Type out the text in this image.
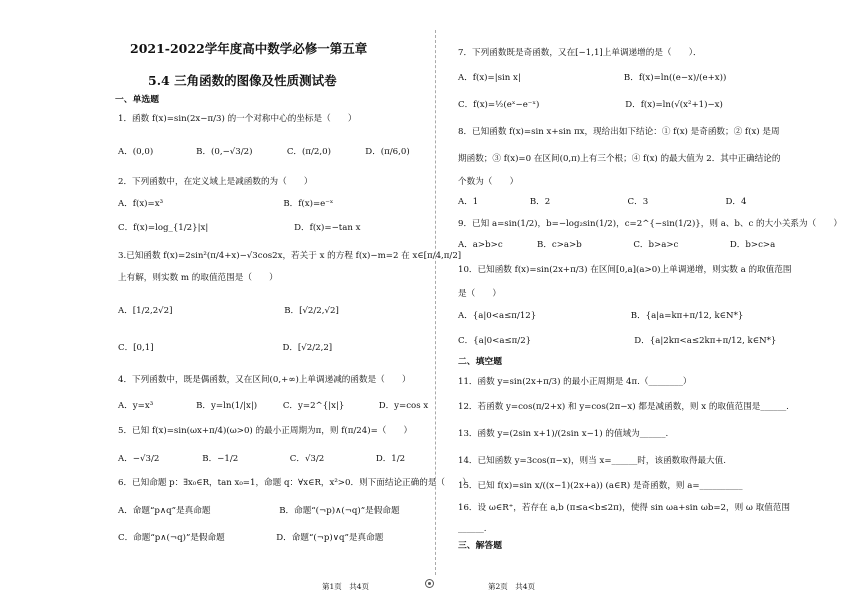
2021-2022学年度高中数学必修一第五章
5.4 三角函数的图像及性质测试卷
一、单选题
1．函数 f(x)=sin(2x−π/3) 的一个对称中心的坐标是（　　）
A．(0,0)　　　　　B．(0,−√3/2)　　　　C．(π/2,0)　　　　D．(π/6,0)
2．下列函数中，在定义域上是减函数的为（　　）
A．f(x)=x³　　　　　　　　　　　　　　B．f(x)=e⁻ˣ
C．f(x)=log_{1/2}|x|　　　　　　　　　　D．f(x)=−tan x
3.已知函数 f(x)=2sin²(π/4+x)−√3cos2x，若关于 x 的方程 f(x)−m=2 在 x∈[π/4,π/2]
上有解，则实数 m 的取值范围是（　　）
A．[1/2,2√2]　　　　　　　　　　　　　B．[√2/2,√2]
C．[0,1]　　　　　　　　　　　　　　　D．[√2/2,2]
4．下列函数中，既是偶函数，又在区间(0,+∞)上单调递减的函数是（　　）
A．y=x³　　　　　B．y=ln(1/|x|)　　　C．y=2^{|x|}　　　　D．y=cos x
5．已知 f(x)=sin(ωx+π/4)(ω>0) 的最小正周期为π，则 f(π/24)=（　　）
A．−√3/2　　　　　B．−1/2　　　　　　C．√3/2　　　　　　D．1/2
6．已知命题 p：∃x₀∈R，tan x₀=1，命题 q：∀x∈R，x²>0．则下面结论正确的是（　　）
A．命题“p∧q”是真命题　　　　　　　　B．命题“(¬p)∧(¬q)”是假命题
C．命题“p∧(¬q)”是假命题　　　　　　D．命题“(¬p)∨q”是真命题
7．下列函数既是奇函数，又在[−1,1]上单调递增的是（　　）．
A．f(x)=|sin x|　　　　　　　　　　　　B．f(x)=ln((e−x)/(e+x))
C．f(x)=½(eˣ−e⁻ˣ)　　　　　　　　　　D．f(x)=ln(√(x²+1)−x)
8．已知函数 f(x)=sin x+sin πx，现给出如下结论：① f(x) 是奇函数；② f(x) 是周
期函数；③ f(x)=0 在区间(0,π)上有三个根；④ f(x) 的最大值为 2．其中正确结论的
个数为（　　）
A．1　　　　　　B．2　　　　　　　　　C．3　　　　　　　　　D．4
9．已知 a=sin(1/2)，b=−log₂sin(1/2)，c=2^{−sin(1/2)}，则 a、b、c 的大小关系为（　　）
A．a>b>c　　　　B．c>a>b　　　　　　C．b>a>c　　　　　　D．b>c>a
10．已知函数 f(x)=sin(2x+π/3) 在区间[0,a](a>0)上单调递增，则实数 a 的取值范围
是（　　）
A．{a|0<a≤π/12}　　　　　　　　　　　B．{a|a=kπ+π/12, k∈N*}
C．{a|0<a≤π/2}　　　　　　　　　　　　D．{a|2kπ<a≤2kπ+π/12, k∈N*}
二、填空题
11．函数 y=sin(2x+π/3) 的最小正周期是 4π.（________）
12．若函数 y=cos(π/2+x) 和 y=cos(2π−x) 都是减函数，则 x 的取值范围是______.
13．函数 y=(2sin x+1)/(2sin x−1) 的值域为______.
14．已知函数 y=3cos(π−x)，则当 x=______时，该函数取得最大值.
15．已知 f(x)=sin x/((x−1)(2x+a)) (a∈R) 是奇函数，则 a=__________
16．设 ω∈R⁺，若存在 a,b (π≤a<b≤2π)，使得 sin ωa+sin ωb=2，则 ω 取值范围
______.
三、解答题
第1页　共4页	第2页　共4页
